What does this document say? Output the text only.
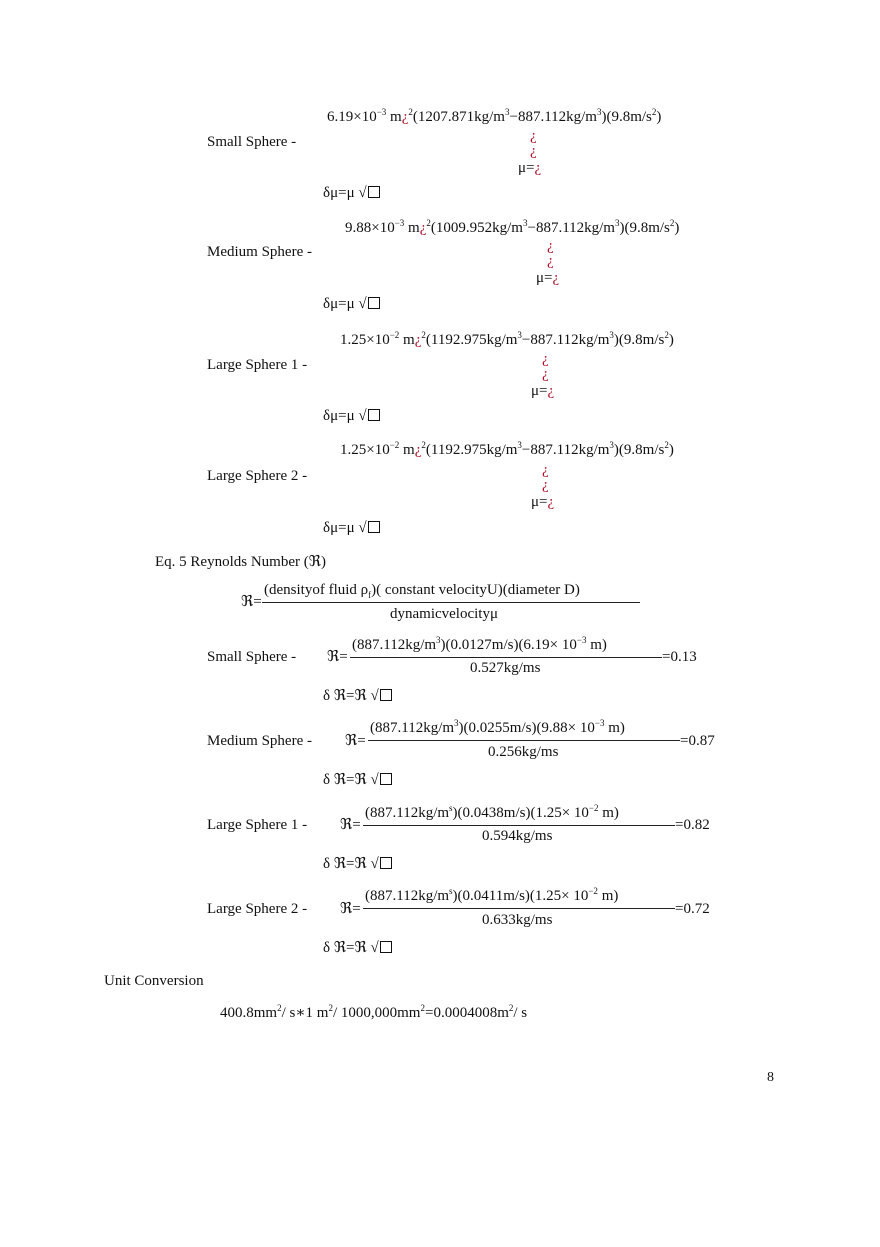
$6.19\times 10^{-3}$ $m¿^2(1207.871kg/m^3-887.112kg/m^3)(9.8m/s^2)$
Small Sphere -	¿
¿
μ=¿
δμ=μ √
$9.88\times 10^{-3}$ $m¿^2(1009.952kg/m^3-887.112kg/m^3)(9.8m/s^2)$
Medium Sphere -	¿
¿
μ=¿
δμ=μ √
$1.25\times 10^{-2}$ $m¿^2(1192.975kg/m^3-887.112kg/m^3)(9.8m/s^2)$
Large Sphere 1 -	¿
¿
μ=¿
δμ=μ √
$1.25\times 10^{-2}$ $m¿^2(1192.975kg/m^3-887.112kg/m^3)(9.8m/s^2)$
Large Sphere 2 -	¿
¿
μ=¿
δμ=μ √
Eq. 5 Reynolds Number (ℜ)
ℜ=
(densityof fluid $\rho_f$)( constant velocityU)(diameter D)
dynamicvelocityμ
Small Sphere - ℜ=
$(887.112kg/m^3)(0.0127m/s)(6.19\times 10^{-3}$ m)
0.527kg/ms
=0.13
δ ℜ=ℜ √
Medium Sphere - ℜ=
$(887.112kg/m^3)(0.0255m/s)(9.88\times 10^{-3}$ m)
0.256kg/ms
=0.87
δ ℜ=ℜ √
Large Sphere 1 - ℜ=
$(887.112kg/m^s)(0.0438m/s)(1.25\times 10^{-2}$ m)
0.594kg/ms
=0.82
δ ℜ=ℜ √
Large Sphere 2 - ℜ=
$(887.112kg/m^s)(0.0411m/s)(1.25\times 10^{-2}$ m)
0.633kg/ms
=0.72
δ ℜ=ℜ √
Unit Conversion
$400.8mm^2/$ s∗1 $m^2/$ $1000,000mm^2=0.0004008m^2/$ s
8
